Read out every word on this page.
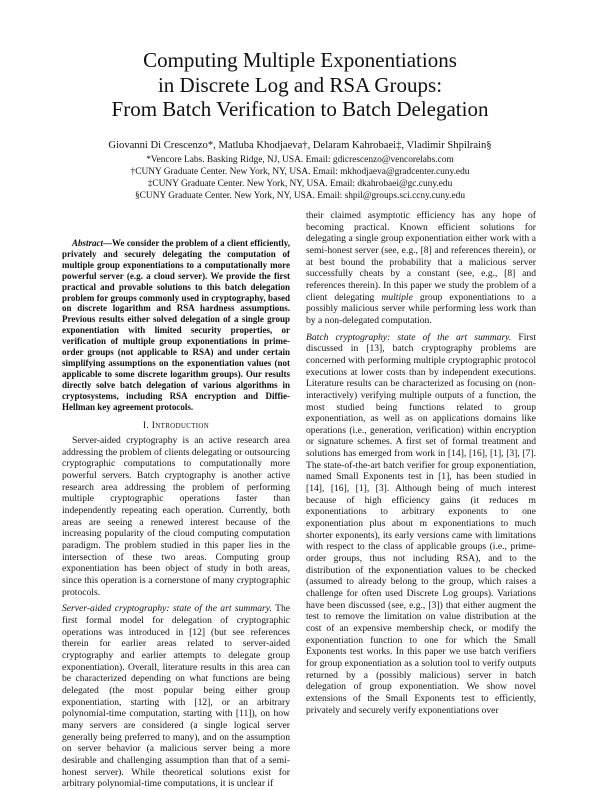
Computing Multiple Exponentiations
in Discrete Log and RSA Groups:
From Batch Verification to Batch Delegation
Giovanni Di Crescenzo*, Matluba Khodjaeva†, Delaram Kahrobaei‡, Vladimir Shpilrain§
*Vencore Labs. Basking Ridge, NJ, USA. Email: gdicrescenzo@vencorelabs.com
†CUNY Graduate Center. New York, NY, USA. Email: mkhodjaeva@gradcenter.cuny.edu
‡CUNY Graduate Center. New York, NY, USA. Email: dkahrobaei@gc.cuny.edu
§CUNY Graduate Center. New York, NY, USA. Email: shpil@groups.sci.ccny.cuny.edu

Abstract—We consider the problem of a client efficiently, privately and securely delegating the computation of multiple group exponentiations to a computationally more powerful server (e.g. a cloud server). We provide the first practical and provable solutions to this batch delegation problem for groups commonly used in cryptography, based on discrete logarithm and RSA hardness assumptions. Previous results either solved delegation of a single group exponentiation with limited security properties, or verification of multiple group exponentiations in prime-order groups (not applicable to RSA) and under certain simplifying assumptions on the exponentiation values (not applicable to some discrete logarithm groups). Our results directly solve batch delegation of various algorithms in cryptosystems, including RSA encryption and Diffie-Hellman key agreement protocols.

I. Introduction

Server-aided cryptography is an active research area addressing the problem of clients delegating or outsourcing cryptographic computations to computationally more powerful servers. Batch cryptography is another active research area addressing the problem of performing multiple cryptographic operations faster than independently repeating each operation. Currently, both areas are seeing a renewed interest because of the increasing popularity of the cloud computing computation paradigm. The problem studied in this paper lies in the intersection of these two areas. Computing group exponentiation has been object of study in both areas, since this operation is a cornerstone of many cryptographic protocols.

Server-aided cryptography: state of the art summary. The first formal model for delegation of cryptographic operations was introduced in [12] (but see references therein for earlier areas related to server-aided cryptography and earlier attempts to delegate group exponentiation). Overall, literature results in this area can be characterized depending on what functions are being delegated (the most popular being either group exponentiation, starting with [12], or an arbitrary polynomial-time computation, starting with [11]), on how many servers are considered (a single logical server generally being preferred to many), and on the assumption on server behavior (a malicious server being a more desirable and challenging assumption than that of a semi-honest server). While theoretical solutions exist for arbitrary polynomial-time computations, it is unclear if

their claimed asymptotic efficiency has any hope of becoming practical. Known efficient solutions for delegating a single group exponentiation either work with a semi-honest server (see, e.g., [8] and references therein), or at best bound the probability that a malicious server successfully cheats by a constant (see, e.g., [8] and references therein). In this paper we study the problem of a client delegating multiple group exponentiations to a possibly malicious server while performing less work than by a non-delegated computation.

Batch cryptography: state of the art summary. First discussed in [13], batch cryptography problems are concerned with performing multiple cryptographic protocol executions at lower costs than by independent executions. Literature results can be characterized as focusing on (non-interactively) verifying multiple outputs of a function, the most studied being functions related to group exponentiation, as well as on applications domains like operations (i.e., generation, verification) within encryption or signature schemes. A first set of formal treatment and solutions has emerged from work in [14], [16], [1], [3], [7]. The state-of-the-art batch verifier for group exponentiation, named Small Exponents test in [1], has been studied in [14], [16], [1], [3]. Although being of much interest because of high efficiency gains (it reduces m exponentiations to arbitrary exponents to one exponentiation plus about m exponentiations to much shorter exponents), its early versions came with limitations with respect to the class of applicable groups (i.e., prime-order groups, thus not including RSA), and to the distribution of the exponentiation values to be checked (assumed to already belong to the group, which raises a challenge for often used Discrete Log groups). Variations have been discussed (see, e.g., [3]) that either augment the test to remove the limitation on value distribution at the cost of an expensive membership check, or modify the exponentiation function to one for which the Small Exponents test works. In this paper we use batch verifiers for group exponentiation as a solution tool to verify outputs returned by a (possibly malicious) server in batch delegation of group exponentiation. We show novel extensions of the Small Exponents test to efficiently, privately and securely verify exponentiations over
